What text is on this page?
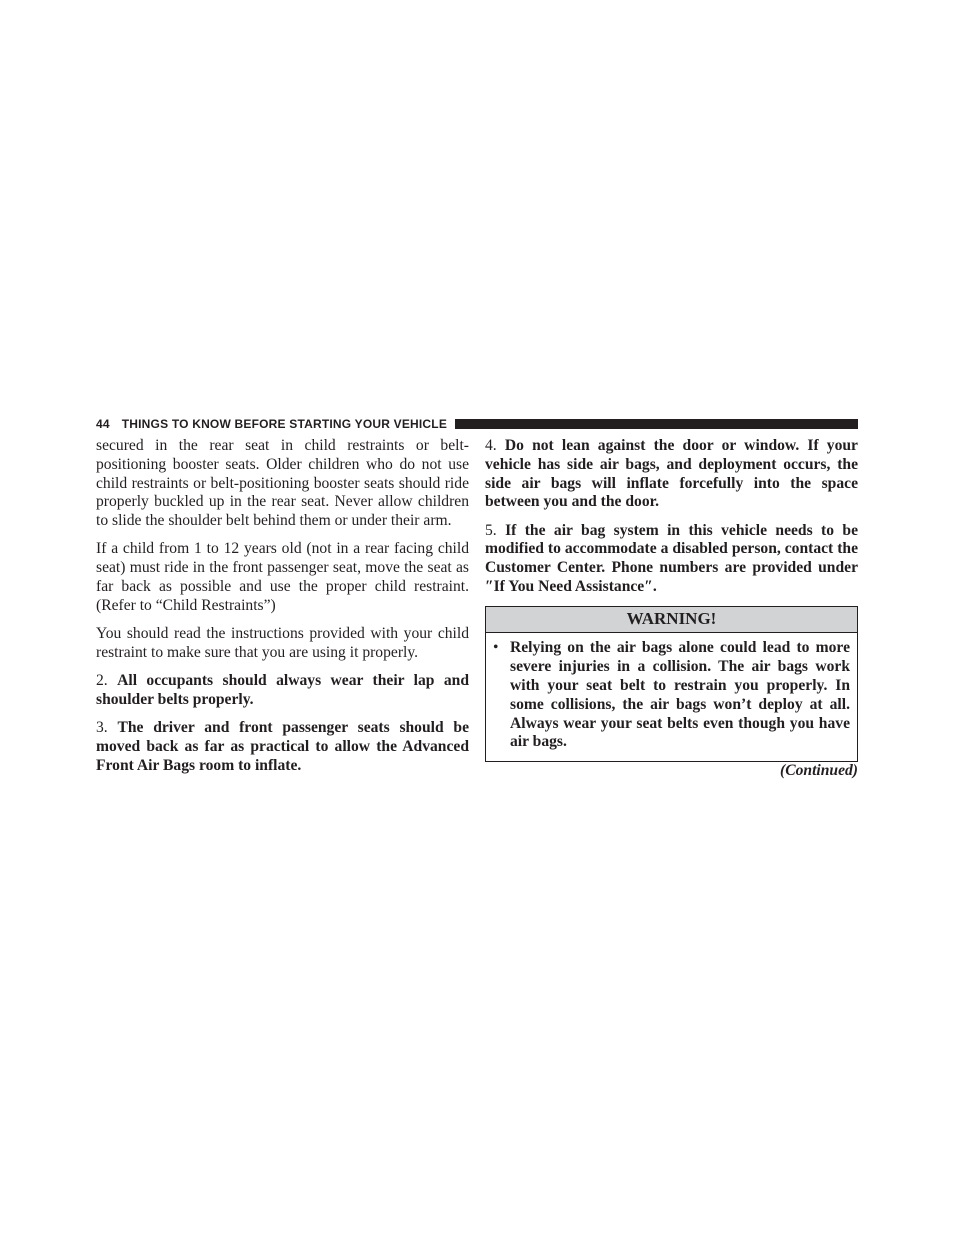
44 THINGS TO KNOW BEFORE STARTING YOUR VEHICLE

secured in the rear seat in child restraints or belt-positioning booster seats. Older children who do not use child restraints or belt-positioning booster seats should ride properly buckled up in the rear seat. Never allow children to slide the shoulder belt behind them or under their arm.

If a child from 1 to 12 years old (not in a rear facing child seat) must ride in the front passenger seat, move the seat as far back as possible and use the proper child restraint. (Refer to “Child Restraints”)

You should read the instructions provided with your child restraint to make sure that you are using it properly.

2. All occupants should always wear their lap and shoulder belts properly.

3. The driver and front passenger seats should be moved back as far as practical to allow the Advanced Front Air Bags room to inflate.

4. Do not lean against the door or window. If your vehicle has side air bags, and deployment occurs, the side air bags will inflate forcefully into the space between you and the door.

5. If the air bag system in this vehicle needs to be modified to accommodate a disabled person, contact the Customer Center. Phone numbers are provided under ″If You Need Assistance″.

WARNING!
• Relying on the air bags alone could lead to more severe injuries in a collision. The air bags work with your seat belt to restrain you properly. In some collisions, the air bags won’t deploy at all. Always wear your seat belts even though you have air bags.
(Continued)
